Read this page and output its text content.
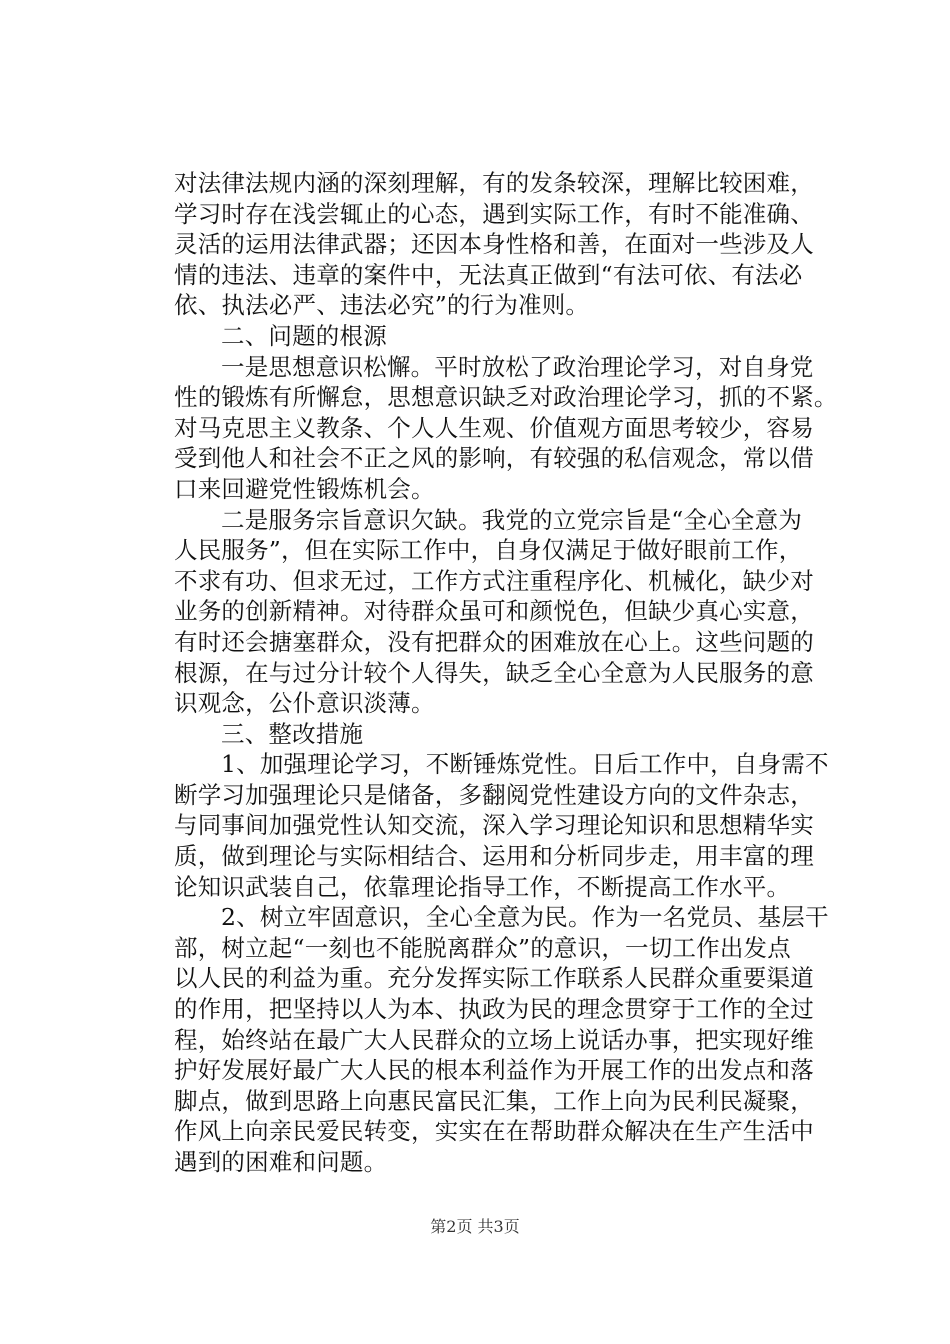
对法律法规内涵的深刻理解，有的发条较深，理解比较困难，
学习时存在浅尝辄止的心态，遇到实际工作，有时不能准确、
灵活的运用法律武器；还因本身性格和善，在面对一些涉及人
情的违法、违章的案件中，无法真正做到“有法可依、有法必
依、执法必严、违法必究”的行为准则。
二、问题的根源
一是思想意识松懈。平时放松了政治理论学习，对自身党
性的锻炼有所懈怠，思想意识缺乏对政治理论学习，抓的不紧。
对马克思主义教条、个人人生观、价值观方面思考较少，容易
受到他人和社会不正之风的影响，有较强的私信观念，常以借
口来回避党性锻炼机会。
二是服务宗旨意识欠缺。我党的立党宗旨是“全心全意为
人民服务”，但在实际工作中，自身仅满足于做好眼前工作，
不求有功、但求无过，工作方式注重程序化、机械化，缺少对
业务的创新精神。对待群众虽可和颜悦色，但缺少真心实意，
有时还会搪塞群众，没有把群众的困难放在心上。这些问题的
根源，在与过分计较个人得失，缺乏全心全意为人民服务的意
识观念，公仆意识淡薄。
三、整改措施
1、加强理论学习，不断锤炼党性。日后工作中，自身需不
断学习加强理论只是储备，多翻阅党性建设方向的文件杂志，
与同事间加强党性认知交流，深入学习理论知识和思想精华实
质，做到理论与实际相结合、运用和分析同步走，用丰富的理
论知识武装自己，依靠理论指导工作，不断提高工作水平。
2、树立牢固意识，全心全意为民。作为一名党员、基层干
部，树立起“一刻也不能脱离群众”的意识，一切工作出发点
以人民的利益为重。充分发挥实际工作联系人民群众重要渠道
的作用，把坚持以人为本、执政为民的理念贯穿于工作的全过
程，始终站在最广大人民群众的立场上说话办事，把实现好维
护好发展好最广大人民的根本利益作为开展工作的出发点和落
脚点，做到思路上向惠民富民汇集，工作上向为民利民凝聚，
作风上向亲民爱民转变，实实在在帮助群众解决在生产生活中
遇到的困难和问题。
第2页 共3页
